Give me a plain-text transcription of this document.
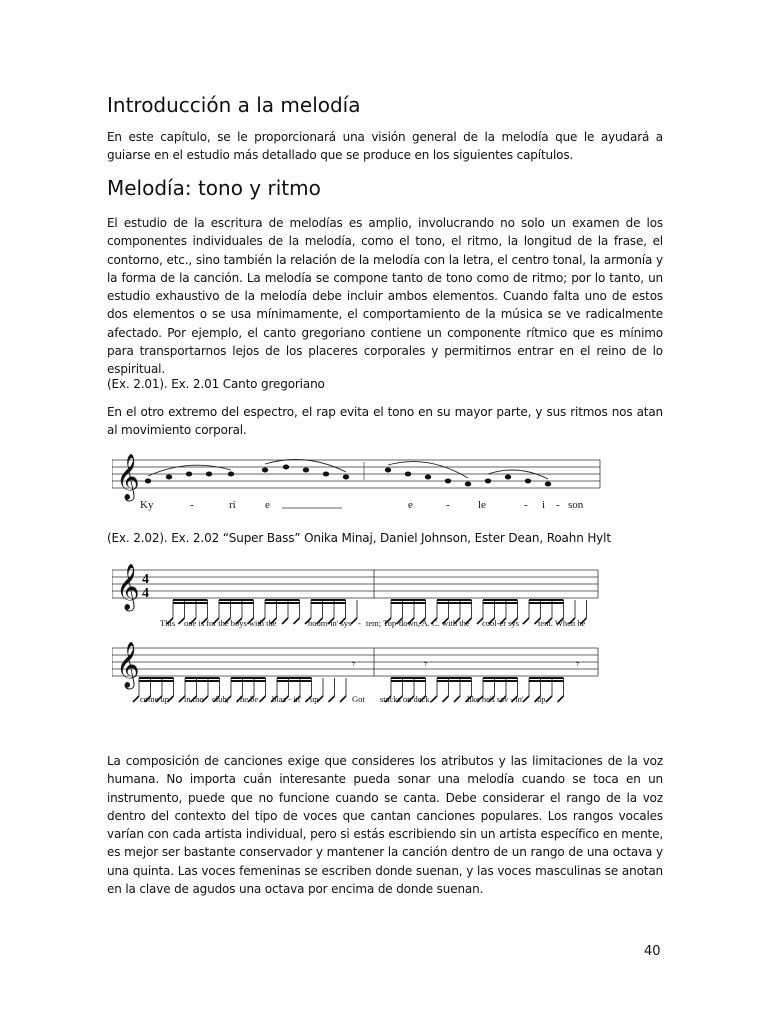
Introducción a la melodía

En este capítulo, se le proporcionará una visión general de la melodía que le ayudará a guiarse en el estudio más detallado que se produce en los siguientes capítulos.

Melodía: tono y ritmo

El estudio de la escritura de melodías es amplio, involucrando no solo un examen de los componentes individuales de la melodía, como el tono, el ritmo, la longitud de la frase, el contorno, etc., sino también la relación de la melodía con la letra, el centro tonal, la armonía y la forma de la canción. La melodía se compone tanto de tono como de ritmo; por lo tanto, un estudio exhaustivo de la melodía debe incluir ambos elementos. Cuando falta uno de estos dos elementos o se usa mínimamente, el comportamiento de la música se ve radicalmente afectado. Por ejemplo, el canto gregoriano contiene un componente rítmico que es mínimo para transportarnos lejos de los placeres corporales y permitirnos entrar en el reino de lo espiritual.

(Ex. 2.01). Ex. 2.01 Canto gregoriano

En el otro extremo del espectro, el rap evita el tono en su mayor parte, y sus ritmos nos atan al movimiento corporal.

𝄞
Ky	-	ri	e	e	-	le	- i - son

(Ex. 2.02). Ex. 2.02 “Super Bass” Onika Minaj, Daniel Johnson, Ester Dean, Roahn Hylt

𝄞
𝄞
4
4
This one is for the boys with the	boom-in' sys - tem; Top down, A. C. with the cool-er sys - tem. When he
come up in the club, he be blaz - in' up	Got stacks on deck,	like he's sav - in' up.
𝄾	𝄾	𝄾

La composición de canciones exige que consideres los atributos y las limitaciones de la voz humana. No importa cuán interesante pueda sonar una melodía cuando se toca en un instrumento, puede que no funcione cuando se canta. Debe considerar el rango de la voz dentro del contexto del tipo de voces que cantan canciones populares. Los rangos vocales varían con cada artista individual, pero si estás escribiendo sin un artista específico en mente, es mejor ser bastante conservador y mantener la canción dentro de un rango de una octava y una quinta. Las voces femeninas se escriben donde suenan, y las voces masculinas se anotan en la clave de agudos una octava por encima de donde suenan.

40
